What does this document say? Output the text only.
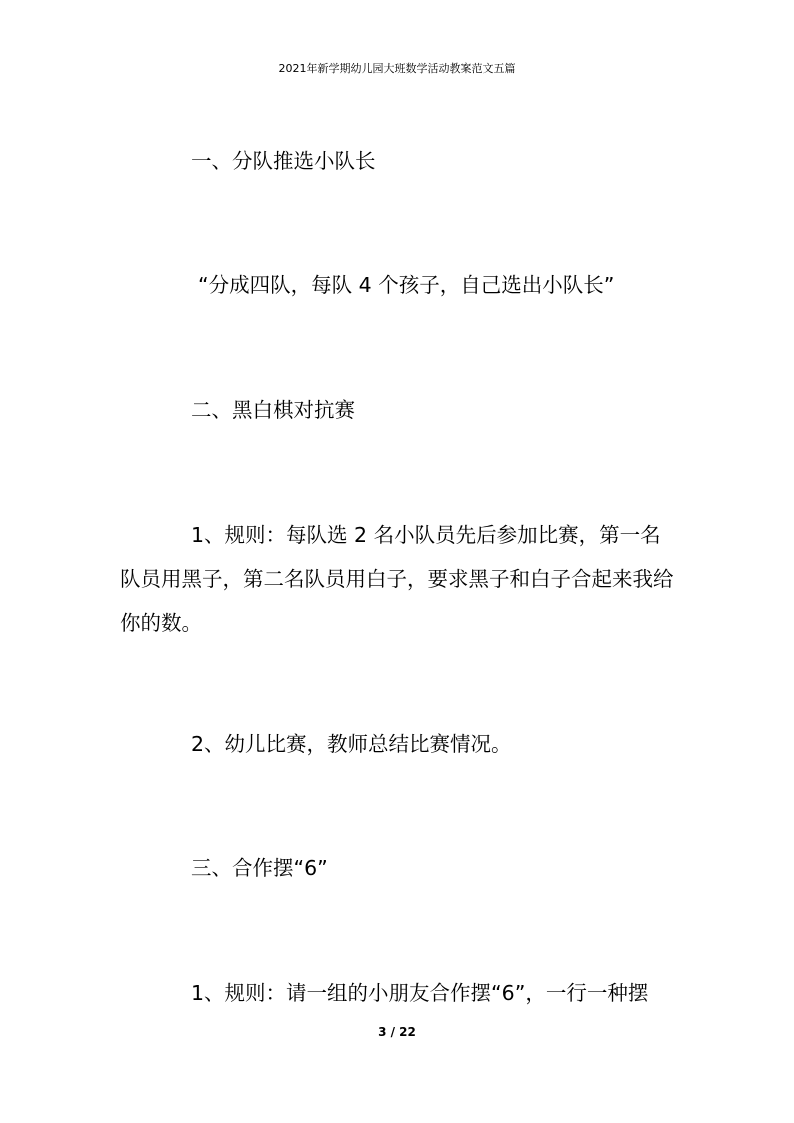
2021年新学期幼儿园大班数学活动教案范文五篇

一、分队推选小队长

“分成四队，每队 4 个孩子，自己选出小队长”

二、黑白棋对抗赛

1、规则：每队选 2 名小队员先后参加比赛，第一名队员用黑子，第二名队员用白子，要求黑子和白子合起来我给你的数。

2、幼儿比赛，教师总结比赛情况。

三、合作摆“6”

1、规则：请一组的小朋友合作摆“6”，一行一种摆

3 / 22
